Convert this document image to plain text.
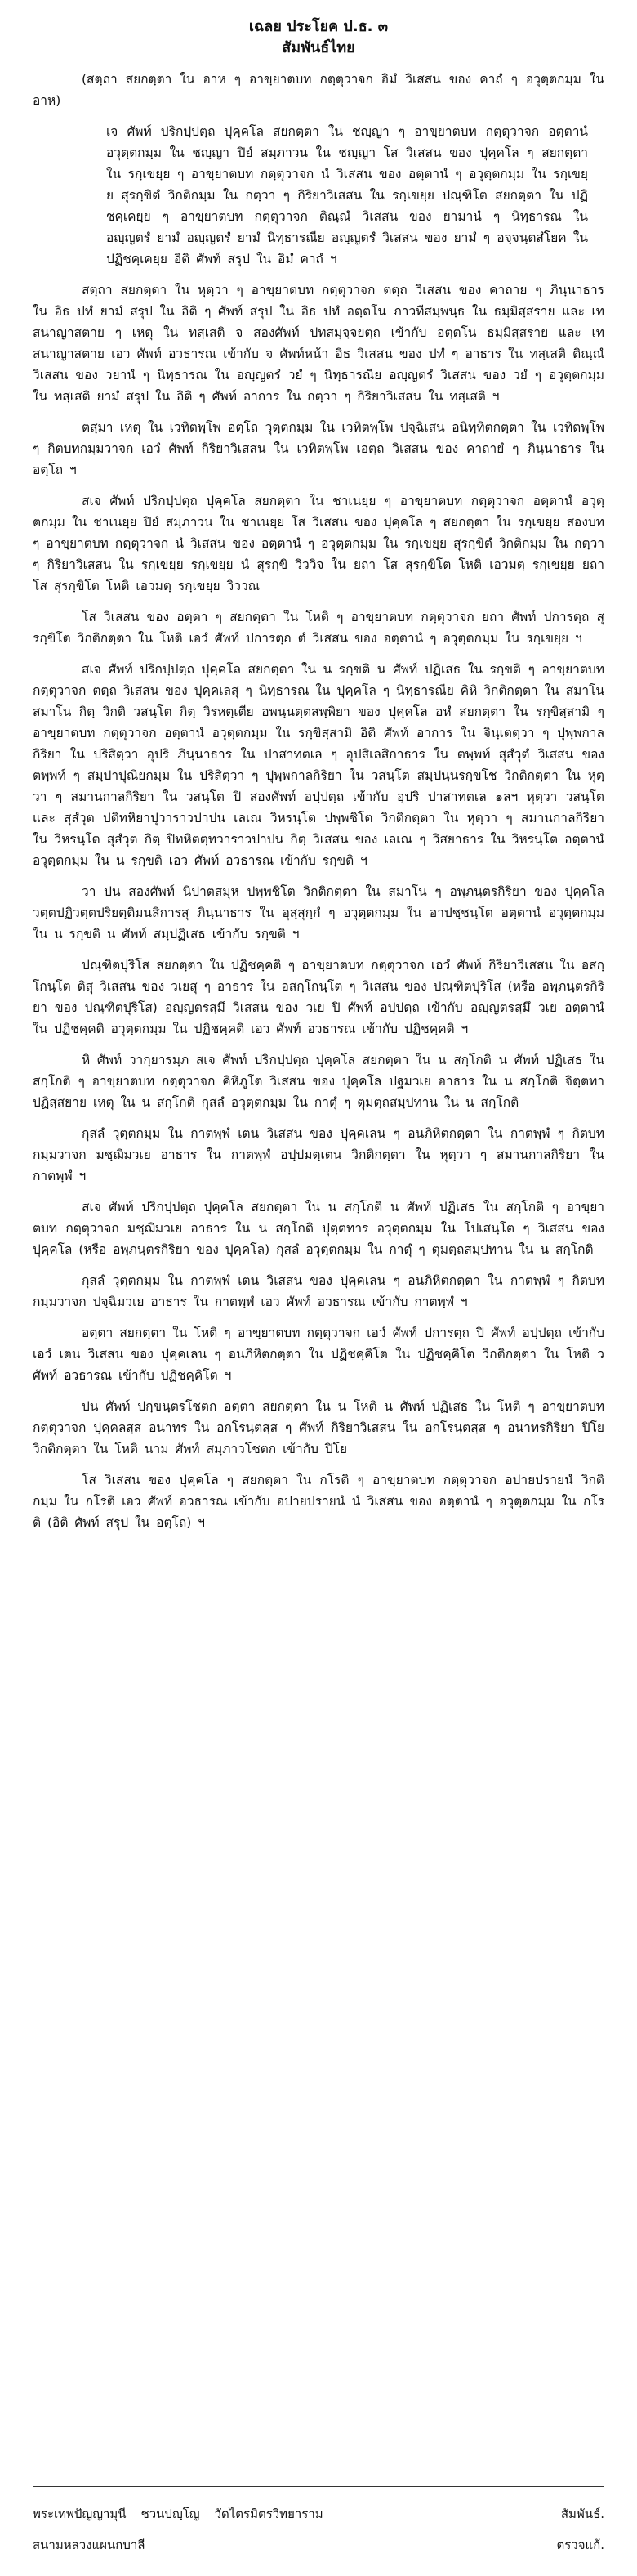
เฉลย ประโยค ป.ธ. ๓
สัมพันธ์ไทย

(สตฺถา สยกตฺตา ใน อาห ๆ อาขฺยาตบท กตฺตุวาจก อิมํ วิเสสน ของ คาถํ ๆ อวุตฺตกมฺม ใน อาห)

เจ ศัพท์ ปริกปฺปตฺถ ปุคฺคโล สยกตฺตา ใน ชญฺญา ๆ อาขฺยาตบท กตฺตุวาจก อตฺตานํ อวุตฺตกมฺม ใน ชญฺญา ปิยํ สมฺภาวน ใน ชญฺญา โส วิเสสน ของ ปุคฺคโล ๆ สยกตฺตา ใน รกฺเขยฺย ๆ อาขฺยาตบท กตฺตุวาจก นํ วิเสสน ของ อตฺตานํ ๆ อวุตฺตกมฺม ใน รกฺเขยฺย สุรกฺขิตํ วิกติกมฺม ใน กตฺวา ๆ กิริยาวิเสสน ใน รกฺเขยฺย ปณฺฑิโต สยกตฺตา ใน ปฏิชคฺเคยฺย ๆ อาขฺยาตบท กตฺตุวาจก ติณฺณํ วิเสสน ของ ยามานํ ๆ นิทฺธารณ ใน อญฺญตรํ ยามํ อญฺญตรํ ยามํ นิทฺธารณีย อญฺญตรํ วิเสสน ของ ยามํ ๆ อจฺจนฺตสํโยค ใน ปฏิชคฺเคยฺย อิติ ศัพท์ สรุป ใน อิมํ คาถํ ฯ

สตฺถา สยกตฺตา ใน หุตฺวา ๆ อาขฺยาตบท กตฺตุวาจก ตตฺถ วิเสสน ของ คาถาย ๆ ภินฺนาธาร ใน อิธ ปทํ ยามํ สรุป ใน อิติ ๆ ศัพท์ สรุป ใน อิธ ปทํ อตฺตโน ภาวทีสมฺพนฺธ ใน ธมฺมิสฺสราย และ เทสนาญาสตาย ๆ เหตุ ใน ทสฺเสติ จ สองศัพท์ ปทสมุจฺจยตฺถ เข้ากับ อตฺตโน ธมฺมิสฺสราย และ เทสนาญาสตาย เอว ศัพท์ อวธารณ เข้ากับ จ ศัพท์หน้า อิธ วิเสสน ของ ปทํ ๆ อาธาร ใน ทสฺเสติ ติณฺณํ วิเสสน ของ วยานํ ๆ นิทฺธารณ ใน อญฺญตรํ วยํ ๆ นิทฺธารณีย อญฺญตรํ วิเสสน ของ วยํ ๆ อวุตฺตกมฺม ใน ทสฺเสติ ยามํ สรุป ใน อิติ ๆ ศัพท์ อาการ ใน กตฺวา ๆ กิริยาวิเสสน ใน ทสฺเสติ ฯ

ตสฺมา เหตุ ใน เวทิตพฺโพ อตฺโถ วุตฺตกมฺม ใน เวทิตพฺโพ ปจฺฉิเสน อนิทฺทิตกตฺตา ใน เวทิตพฺโพ ๆ กิตบทกมฺมวาจก เอวํ ศัพท์ กิริยาวิเสสน ใน เวทิตพฺโพ เอตฺถ วิเสสน ของ คาถายํ ๆ ภินฺนาธาร ใน อตฺโถ ฯ

สเจ ศัพท์ ปริกปฺปตฺถ ปุคฺคโล สยกตฺตา ใน ชาเนยฺย ๆ อาขฺยาตบท กตฺตุวาจก อตฺตานํ อวุตฺตกมฺม ใน ชาเนยฺย ปิยํ สมฺภาวน ใน ชาเนยฺย โส วิเสสน ของ ปุคฺคโล ๆ สยกตฺตา ใน รกฺเขยฺย สองบท ๆ อาขฺยาตบท กตฺตุวาจก นํ วิเสสน ของ อตฺตานํ ๆ อวุตฺตกมฺม ใน รกฺเขยฺย สุรกฺขิตํ วิกติกมฺม ใน กตฺวา ๆ กิริยาวิเสสน ใน รกฺเขยฺย รกฺเขยฺย นํ สุรกฺขิ วิววิจ ใน ยถา โส สุรกฺขิโต โหติ เอวมตฺ รกฺเขยฺย ยถา โส สุรกฺขิโต โหติ เอวมตฺ รกฺเขยฺย วิววณ

โส วิเสสน ของ อตฺตา ๆ สยกตฺตา ใน โหติ ๆ อาขฺยาตบท กตฺตุวาจก ยถา ศัพท์ ปการตฺถ สุรกฺขิโต วิกติกตฺตา ใน โหติ เอวํ ศัพท์ ปการตฺถ ตํ วิเสสน ของ อตฺตานํ ๆ อวุตฺตกมฺม ใน รกฺเขยฺย ฯ

สเจ ศัพท์ ปริกปฺปตฺถ ปุคฺคโล สยกตฺตา ใน น รกฺขติ น ศัพท์ ปฏิเสธ ใน รกฺขติ ๆ อาขฺยาตบท กตฺตุวาจก ตตฺถ วิเสสน ของ ปุคฺคเลสุ ๆ นิทฺธารณ ใน ปุคฺคโล ๆ นิทฺธารณีย คิหิ วิกติกตฺตา ใน สมาโน สมาโน กิตฺ วิกติ วสนฺโต กิตฺ วิรหตฺเตีย อพนฺนตฺตสพฺพิยา ของ ปุคฺคโล อหํ สยกตฺตา ใน รกฺขิสฺสามิ ๆ อาขฺยาตบท กตฺตุวาจก อตฺตานํ อวุตฺตกมฺม ใน รกฺขิสฺสามิ อิติ ศัพท์ อาการ ใน จินฺเตตฺวา ๆ ปุพฺพกาลกิริยา ใน ปริสิตฺวา อุปริ ภินฺนาธาร ใน ปาสาทตเล ๆ อุปสิเลสิกาธาร ใน ตพฺพท์ สุสํวุตํ วิเสสน ของ ตพฺพท์ ๆ สมฺปาปุณิยกมฺม ใน ปริสิตฺวา ๆ ปุพฺพกาลกิริยา ใน วสนฺโต สมฺปนฺนรกฺขโช วิกติกตฺตา ใน หุตฺวา ๆ สมานกาลกิริยา ใน วสนฺโต ปิ สองศัพท์ อปฺปตฺถ เข้ากับ อุปริ ปาสาทตเล ๑ลฯ หุตฺวา วสนฺโต และ สุสํวุต ปติทหิยาปุวาราวปาปน เลเณ วิหรนฺโต ปพฺพชิโต วิกติกตฺตา ใน หุตฺวา ๆ สมานกาลกิริยา ใน วิหรนฺโต สุสํวุต กิตฺ ปิทหิตตฺทวาราวปาปน กิตฺ วิเสสน ของ เลเณ ๆ วิสยาธาร ใน วิหรนฺโต อตฺตานํ อวุตฺตกมฺม ใน น รกฺขติ เอว ศัพท์ อวธารณ เข้ากับ รกฺขติ ฯ

วา ปน สองศัพท์ นิปาตสมุห ปพฺพชิโต วิกติกตฺตา ใน สมาโน ๆ อพฺภนฺตรกิริยา ของ ปุคฺคโล วตฺตปฏิวตฺตปริยตฺติมนสิการสุ ภินฺนาธาร ใน อุสฺสุกฺกํ ๆ อวุตฺตกมฺม ใน อาปชฺชนฺโต อตฺตานํ อวุตฺตกมฺม ใน น รกฺขติ น ศัพท์ สมฺปฏิเสธ เข้ากับ รกฺขติ ฯ

ปณฺฑิตปุริโส สยกตฺตา ใน ปฏิชคฺคติ ๆ อาขฺยาตบท กตฺตุวาจก เอวํ ศัพท์ กิริยาวิเสสน ใน อสกฺโกนฺโต ติสุ วิเสสน ของ วเยสุ ๆ อาธาร ใน อสกฺโกนฺโต ๆ วิเสสน ของ ปณฺฑิตปุริโส (หรือ อพฺภนฺตรกิริยา ของ ปณฺฑิตปุริโส) อญฺญตรสฺมึ วิเสสน ของ วเย ปิ ศัพท์ อปฺปตฺถ เข้ากับ อญฺญตรสฺมึ วเย อตฺตานํ ใน ปฏิชคฺคติ อวุตฺตกมฺม ใน ปฏิชคฺคติ เอว ศัพท์ อวธารณ เข้ากับ ปฏิชคฺคติ ฯ

หิ ศัพท์ วากฺยารมฺภ สเจ ศัพท์ ปริกปฺปตฺถ ปุคฺคโล สยกตฺตา ใน น สกฺโกติ น ศัพท์ ปฏิเสธ ใน สกฺโกติ ๆ อาขฺยาตบท กตฺตุวาจก คิหิภูโต วิเสสน ของ ปุคฺคโล ปฐมวเย อาธาร ใน น สกฺโกติ จิตฺตทาปฏิสฺสยาย เหตุ ใน น สกฺโกติ กุสลํ อวุตฺตกมฺม ใน กาตุํ ๆ ตุมตฺถสมฺปทาน ใน น สกฺโกติ

กุสลํ วุตฺตกมฺม ใน กาตพฺพํ เตน วิเสสน ของ ปุคฺคเลน ๆ อนภิหิตกตฺตา ใน กาตพฺพํ ๆ กิตบท กมฺมวาจก มชฺฌิมวเย อาธาร ใน กาตพฺพํ อปฺปมตฺเตน วิกติกตฺตา ใน หุตฺวา ๆ สมานกาลกิริยา ใน กาตพฺพํ ฯ

สเจ ศัพท์ ปริกปฺปตฺถ ปุคฺคโล สยกตฺตา ใน น สกฺโกติ น ศัพท์ ปฏิเสธ ใน สกฺโกติ ๆ อาขฺยาตบท กตฺตุวาจก มชฺฌิมวเย อาธาร ใน น สกฺโกติ ปุตฺตทาร อวุตฺตกมฺม ใน โปเสนฺโต ๆ วิเสสน ของ ปุคฺคโล (หรือ อพฺภนฺตรกิริยา ของ ปุคฺคโล) กุสลํ อวุตฺตกมฺม ใน กาตุํ ๆ ตุมตฺถสมฺปทาน ใน น สกฺโกติ

กุสลํ วุตฺตกมฺม ใน กาตพฺพํ เตน วิเสสน ของ ปุคฺคเลน ๆ อนภิหิตกตฺตา ใน กาตพฺพํ ๆ กิตบท กมฺมวาจก ปจฺฉิมวเย อาธาร ใน กาตพฺพํ เอว ศัพท์ อวธารณ เข้ากับ กาตพฺพํ ฯ

อตฺตา สยกตฺตา ใน โหติ ๆ อาขฺยาตบท กตฺตุวาจก เอวํ ศัพท์ ปการตฺถ ปิ ศัพท์ อปฺปตฺถ เข้ากับ เอวํ เตน วิเสสน ของ ปุคฺคเลน ๆ อนภิหิตกตฺตา ใน ปฏิชคฺคิโต ใน ปฏิชคฺคิโต วิกติกตฺตา ใน โหติ ว ศัพท์ อวธารณ เข้ากับ ปฏิชคฺคิโต ฯ

ปน ศัพท์ ปกฺขนฺตรโชตก อตฺตา สยกตฺตา ใน น โหติ น ศัพท์ ปฏิเสธ ใน โหติ ๆ อาขฺยาตบท กตฺตุวาจก ปุคฺคลสฺส อนาทร ใน อกโรนฺตสฺส ๆ ศัพท์ กิริยาวิเสสน ใน อกโรนฺตสฺส ๆ อนาทรกิริยา ปิโย วิกติกตฺตา ใน โหติ นาม ศัพท์ สมฺภาวโชตก เข้ากับ ปิโย

โส วิเสสน ของ ปุคฺคโล ๆ สยกตฺตา ใน กโรติ ๆ อาขฺยาตบท กตฺตุวาจก อปายปรายนํ วิกติกมฺม ใน กโรติ เอว ศัพท์ อวธารณ เข้ากับ อปายปรายนํ นํ วิเสสน ของ อตฺตานํ ๆ อวุตฺตกมฺม ใน กโรติ (อิติ ศัพท์ สรุป ใน อตฺโถ) ฯ

พระเทพปัญญามุนี ชวนปญฺโญ วัดไตรมิตรวิทยาราม	สัมพันธ์.
สนามหลวงแผนกบาลี	ตรวจแก้.
